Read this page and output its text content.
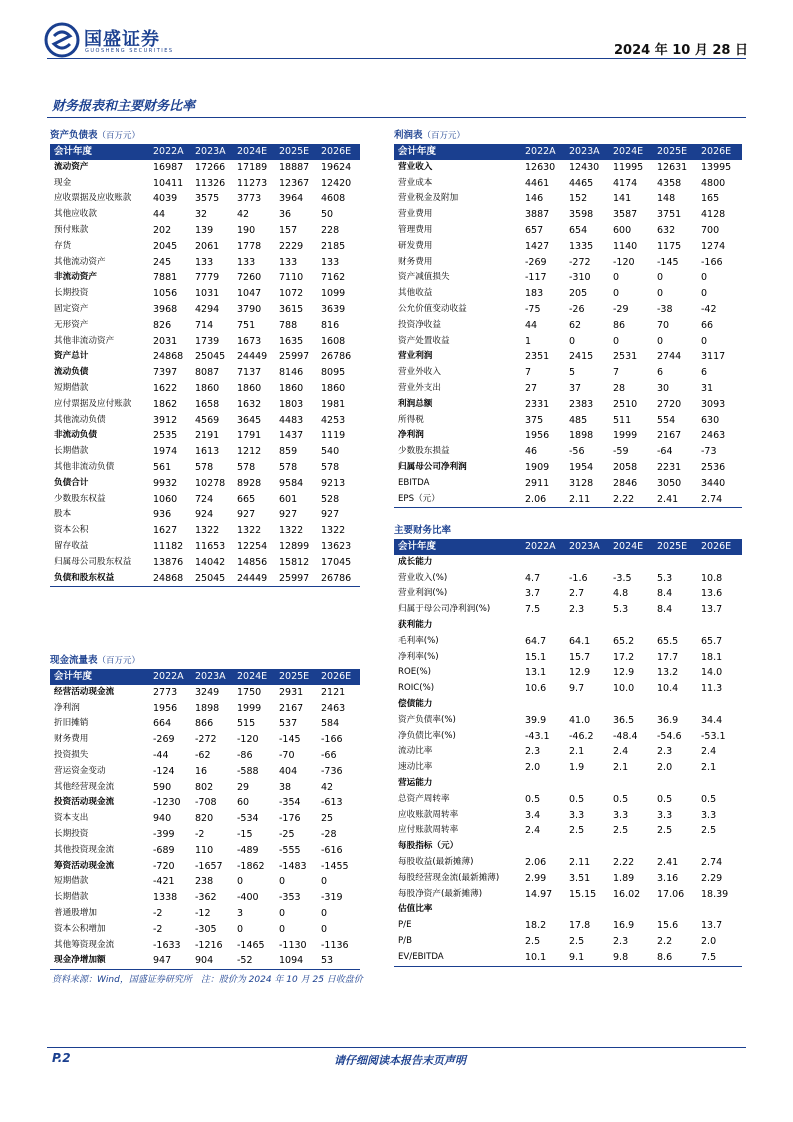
国盛证券
GUOSHENG SECURITIES	2024 年 10 月 28 日
财务报表和主要财务比率
资产负债表（百万元）
会计年度	2022A	2023A	2024E	2025E	2026E
流动资产	16987	17266	17189	18887	19624
现金	10411	11326	11273	12367	12420
应收票据及应收账款	4039	3575	3773	3964	4608
其他应收款	44	32	42	36	50
预付账款	202	139	190	157	228
存货	2045	2061	1778	2229	2185
其他流动资产	245	133	133	133	133
非流动资产	7881	7779	7260	7110	7162
长期投资	1056	1031	1047	1072	1099
固定资产	3968	4294	3790	3615	3639
无形资产	826	714	751	788	816
其他非流动资产	2031	1739	1673	1635	1608
资产总计	24868	25045	24449	25997	26786
流动负债	7397	8087	7137	8146	8095
短期借款	1622	1860	1860	1860	1860
应付票据及应付账款	1862	1658	1632	1803	1981
其他流动负债	3912	4569	3645	4483	4253
非流动负债	2535	2191	1791	1437	1119
长期借款	1974	1613	1212	859	540
其他非流动负债	561	578	578	578	578
负债合计	9932	10278	8928	9584	9213
少数股东权益	1060	724	665	601	528
股本	936	924	927	927	927
资本公积	1627	1322	1322	1322	1322
留存收益	11182	11653	12254	12899	13623
归属母公司股东权益	13876	14042	14856	15812	17045
负债和股东权益	24868	25045	24449	25997	26786
利润表（百万元）
会计年度	2022A	2023A	2024E	2025E	2026E
营业收入	12630	12430	11995	12631	13995
营业成本	4461	4465	4174	4358	4800
营业税金及附加	146	152	141	148	165
营业费用	3887	3598	3587	3751	4128
管理费用	657	654	600	632	700
研发费用	1427	1335	1140	1175	1274
财务费用	-269	-272	-120	-145	-166
资产减值损失	-117	-310	0	0	0
其他收益	183	205	0	0	0
公允价值变动收益	-75	-26	-29	-38	-42
投资净收益	44	62	86	70	66
资产处置收益	1	0	0	0	0
营业利润	2351	2415	2531	2744	3117
营业外收入	7	5	7	6	6
营业外支出	27	37	28	30	31
利润总额	2331	2383	2510	2720	3093
所得税	375	485	511	554	630
净利润	1956	1898	1999	2167	2463
少数股东损益	46	-56	-59	-64	-73
归属母公司净利润	1909	1954	2058	2231	2536
EBITDA	2911	3128	2846	3050	3440
EPS（元）	2.06	2.11	2.22	2.41	2.74
主要财务比率
会计年度	2022A	2023A	2024E	2025E	2026E
成长能力					
营业收入(%)	4.7	-1.6	-3.5	5.3	10.8
营业利润(%)	3.7	2.7	4.8	8.4	13.6
归属于母公司净利润(%)	7.5	2.3	5.3	8.4	13.7
获利能力					
毛利率(%)	64.7	64.1	65.2	65.5	65.7
净利率(%)	15.1	15.7	17.2	17.7	18.1
ROE(%)	13.1	12.9	12.9	13.2	14.0
ROIC(%)	10.6	9.7	10.0	10.4	11.3
偿债能力					
资产负债率(%)	39.9	41.0	36.5	36.9	34.4
净负债比率(%)	-43.1	-46.2	-48.4	-54.6	-53.1
流动比率	2.3	2.1	2.4	2.3	2.4
速动比率	2.0	1.9	2.1	2.0	2.1
营运能力					
总资产周转率	0.5	0.5	0.5	0.5	0.5
应收账款周转率	3.4	3.3	3.3	3.3	3.3
应付账款周转率	2.4	2.5	2.5	2.5	2.5
每股指标（元）					
每股收益(最新摊薄)	2.06	2.11	2.22	2.41	2.74
每股经营现金流(最新摊薄)	2.99	3.51	1.89	3.16	2.29
每股净资产(最新摊薄)	14.97	15.15	16.02	17.06	18.39
估值比率					
P/E	18.2	17.8	16.9	15.6	13.7
P/B	2.5	2.5	2.3	2.2	2.0
EV/EBITDA	10.1	9.1	9.8	8.6	7.5
现金流量表（百万元）
会计年度	2022A	2023A	2024E	2025E	2026E
经营活动现金流	2773	3249	1750	2931	2121
净利润	1956	1898	1999	2167	2463
折旧摊销	664	866	515	537	584
财务费用	-269	-272	-120	-145	-166
投资损失	-44	-62	-86	-70	-66
营运资金变动	-124	16	-588	404	-736
其他经营现金流	590	802	29	38	42
投资活动现金流	-1230	-708	60	-354	-613
资本支出	940	820	-534	-176	25
长期投资	-399	-2	-15	-25	-28
其他投资现金流	-689	110	-489	-555	-616
筹资活动现金流	-720	-1657	-1862	-1483	-1455
短期借款	-421	238	0	0	0
长期借款	1338	-362	-400	-353	-319
普通股增加	-2	-12	3	0	0
资本公积增加	-2	-305	0	0	0
其他筹资现金流	-1633	-1216	-1465	-1130	-1136
现金净增加额	947	904	-52	1094	53
资料来源：Wind，国盛证券研究所　注：股价为 2024 年 10 月 25 日收盘价
P.2	请仔细阅读本报告末页声明
